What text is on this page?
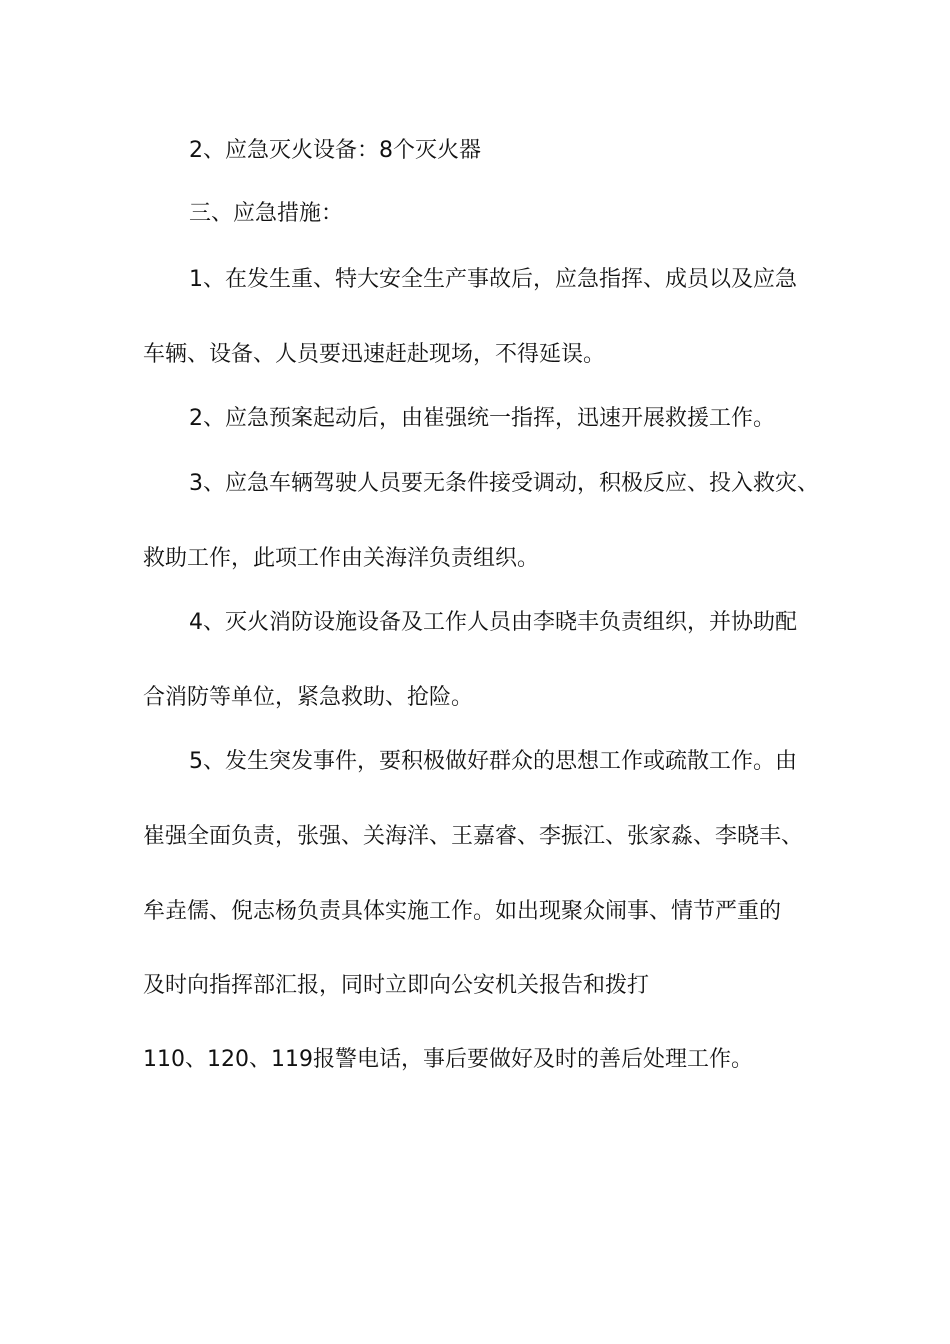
2、应急灭火设备：8个灭火器
三、应急措施：
1、在发生重、特大安全生产事故后，应急指挥、成员以及应急
车辆、设备、人员要迅速赶赴现场，不得延误。
2、应急预案起动后，由崔强统一指挥，迅速开展救援工作。
3、应急车辆驾驶人员要无条件接受调动，积极反应、投入救灾、
救助工作，此项工作由关海洋负责组织。
4、灭火消防设施设备及工作人员由李晓丰负责组织，并协助配
合消防等单位，紧急救助、抢险。
5、发生突发事件，要积极做好群众的思想工作或疏散工作。由
崔强全面负责，张强、关海洋、王嘉睿、李振江、张家淼、李晓丰、
牟垚儒、倪志杨负责具体实施工作。如出现聚众闹事、情节严重的
及时向指挥部汇报，同时立即向公安机关报告和拨打
110、120、119报警电话，事后要做好及时的善后处理工作。
